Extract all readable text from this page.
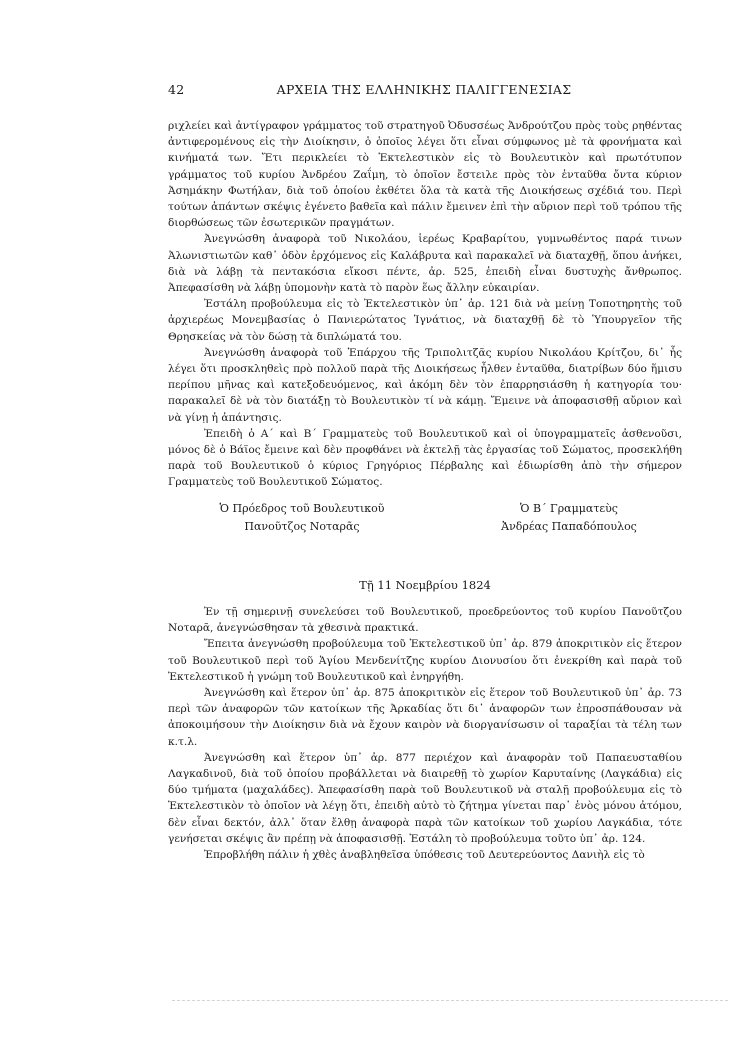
42	ΑΡΧΕΙΑ ΤΗΣ ΕΛΛΗΝΙΚΗΣ ΠΑΛΙΓΓΕΝΕΣΙΑΣ

ριχλείει καὶ ἀντίγραφον γράμματος τοῦ στρατηγοῦ Ὀδυσσέως Ἀνδρούτζου πρὸς τοὺς ρηθέντας ἀντιφερομένους εἰς τὴν Διοίκησιν, ὁ ὁποῖος λέγει ὅτι εἶναι σύμφωνος μὲ τὰ φρονήματα καὶ κινήματά των. Ἔτι περικλείει τὸ Ἐκτελεστικὸν εἰς τὸ Βουλευτικὸν καὶ πρωτότυπον γράμματος τοῦ κυρίου Ἀνδρέου Ζαΐμη, τὸ ὁποῖον ἔστειλε πρὸς τὸν ἐνταῦθα ὄντα κύριον Ἀσημάκην Φωτήλαν, διὰ τοῦ ὁποίου ἐκθέτει ὅλα τὰ κατὰ τῆς Διοικήσεως σχέδιά του. Περὶ τούτων ἁπάντων σκέψις ἐγένετο βαθεῖα καὶ πάλιν ἔμεινεν ἐπὶ τὴν αὔριον περὶ τοῦ τρόπου τῆς διορθώσεως τῶν ἐσωτερικῶν πραγμάτων.

Ἀνεγνώσθη ἀναφορὰ τοῦ Νικολάου, ἱερέως Κραβαρίτου, γυμνωθέντος παρά τινων Ἀλωνιστιωτῶν καθ᾽ ὁδὸν ἐρχόμενος εἰς Καλάβρυτα καὶ παρακαλεῖ νὰ διαταχθῇ, ὅπου ἀνήκει, διὰ νὰ λάβῃ τὰ πεντακόσια εἴκοσι πέντε, ἀρ. 525, ἐπειδὴ εἶναι δυστυχὴς ἄνθρωπος. Ἀπεφασίσθη νὰ λάβῃ ὑπομονὴν κατὰ τὸ παρὸν ἕως ἄλλην εὐκαιρίαν.

Ἐστάλη προβούλευμα εἰς τὸ Ἐκτελεστικὸν ὑπ᾽ ἀρ. 121 διὰ νὰ μείνῃ Τοποτηρητὴς τοῦ ἀρχιερέως Μονεμβασίας ὁ Πανιερώτατος Ἰγνάτιος, νὰ διαταχθῇ δὲ τὸ Ὑπουργεῖον τῆς Θρησκείας νὰ τὸν δώσῃ τὰ διπλώματά του.

Ἀνεγνώσθη ἀναφορὰ τοῦ Ἐπάρχου τῆς Τριπολιτζᾶς κυρίου Νικολάου Κρίτζου, δι᾽ ἧς λέγει ὅτι προσκληθεὶς πρὸ πολλοῦ παρὰ τῆς Διοικήσεως ἦλθεν ἐνταῦθα, διατρίβων δύο ἥμισυ περίπου μῆνας καὶ κατεξοδευόμενος, καὶ ἀκόμη δὲν τὸν ἐπαρρησιάσθη ἡ κατηγορία του· παρακαλεῖ δὲ νὰ τὸν διατάξῃ τὸ Βουλευτικὸν τί νὰ κάμῃ. Ἔμεινε νὰ ἀποφασισθῇ αὔριον καὶ νὰ γίνῃ ἡ ἀπάντησις.

Ἐπειδὴ ὁ Α´ καὶ Β´ Γραμματεὺς τοῦ Βουλευτικοῦ καὶ οἱ ὑπογραμματεῖς ἀσθενοῦσι, μόνος δὲ ὁ Βάϊος ἔμεινε καὶ δὲν προφθάνει νὰ ἐκτελῇ τὰς ἐργασίας τοῦ Σώματος, προσεκλήθη παρὰ τοῦ Βουλευτικοῦ ὁ κύριος Γρηγόριος Πέρβαλης καὶ ἐδιωρίσθη ἀπὸ τὴν σήμερον Γραμματεὺς τοῦ Βουλευτικοῦ Σώματος.

Ὁ Πρόεδρος τοῦ Βουλευτικοῦ
Πανοῦτζος Νοταρᾶς
Ὁ Β´ Γραμματεὺς
Ἀνδρέας Παπαδόπουλος
Τῇ 11 Νοεμβρίου 1824

Ἐν τῇ σημερινῇ συνελεύσει τοῦ Βουλευτικοῦ, προεδρεύοντος τοῦ κυρίου Πανοῦτζου Νοταρᾶ, ἀνεγνώσθησαν τὰ χθεσινὰ πρακτικά.

Ἔπειτα ἀνεγνώσθη προβούλευμα τοῦ Ἐκτελεστικοῦ ὑπ᾽ ἀρ. 879 ἀποκριτικὸν εἰς ἕτερον τοῦ Βουλευτικοῦ περὶ τοῦ Ἁγίου Μενδενίτζης κυρίου Διονυσίου ὅτι ἐνεκρίθη καὶ παρὰ τοῦ Ἐκτελεστικοῦ ἡ γνώμη τοῦ Βουλευτικοῦ καὶ ἐνηργήθη.

Ἀνεγνώσθη καὶ ἕτερον ὑπ᾽ ἀρ. 875 ἀποκριτικὸν εἰς ἕτερον τοῦ Βουλευτικοῦ ὑπ᾽ ἀρ. 73 περὶ τῶν ἀναφορῶν τῶν κατοίκων τῆς Ἀρκαδίας ὅτι δι᾽ ἀναφορῶν των ἐπροσπάθουσαν νὰ ἀποκοιμήσουν τὴν Διοίκησιν διὰ νὰ ἔχουν καιρὸν νὰ διοργανίσωσιν οἱ ταραξίαι τὰ τέλη των κ.τ.λ.

Ἀνεγνώσθη καὶ ἕτερον ὑπ᾽ ἀρ. 877 περιέχον καὶ ἀναφορὰν τοῦ Παπαευσταθίου Λαγκαδινοῦ, διὰ τοῦ ὁποίου προβάλλεται νὰ διαιρεθῇ τὸ χωρίον Καρυταίνης (Λαγκάδια) εἰς δύο τμήματα (μαχαλάδες). Ἀπεφασίσθη παρὰ τοῦ Βουλευτικοῦ νὰ σταλῇ προβούλευμα εἰς τὸ Ἐκτελεστικὸν τὸ ὁποῖον νὰ λέγῃ ὅτι, ἐπειδὴ αὐτὸ τὸ ζήτημα γίνεται παρ᾽ ἑνὸς μόνου ἀτόμου, δὲν εἶναι δεκτόν, ἀλλ᾽ ὅταν ἔλθῃ ἀναφορὰ παρὰ τῶν κατοίκων τοῦ χωρίου Λαγκάδια, τότε γενήσεται σκέψις ἂν πρέπῃ νὰ ἀποφασισθῇ. Ἐστάλη τὸ προβούλευμα τοῦτο ὑπ᾽ ἀρ. 124.

Ἐπροβλήθη πάλιν ἡ χθὲς ἀναβληθεῖσα ὑπόθεσις τοῦ Δευτερεύοντος Δανιὴλ εἰς τὸ
